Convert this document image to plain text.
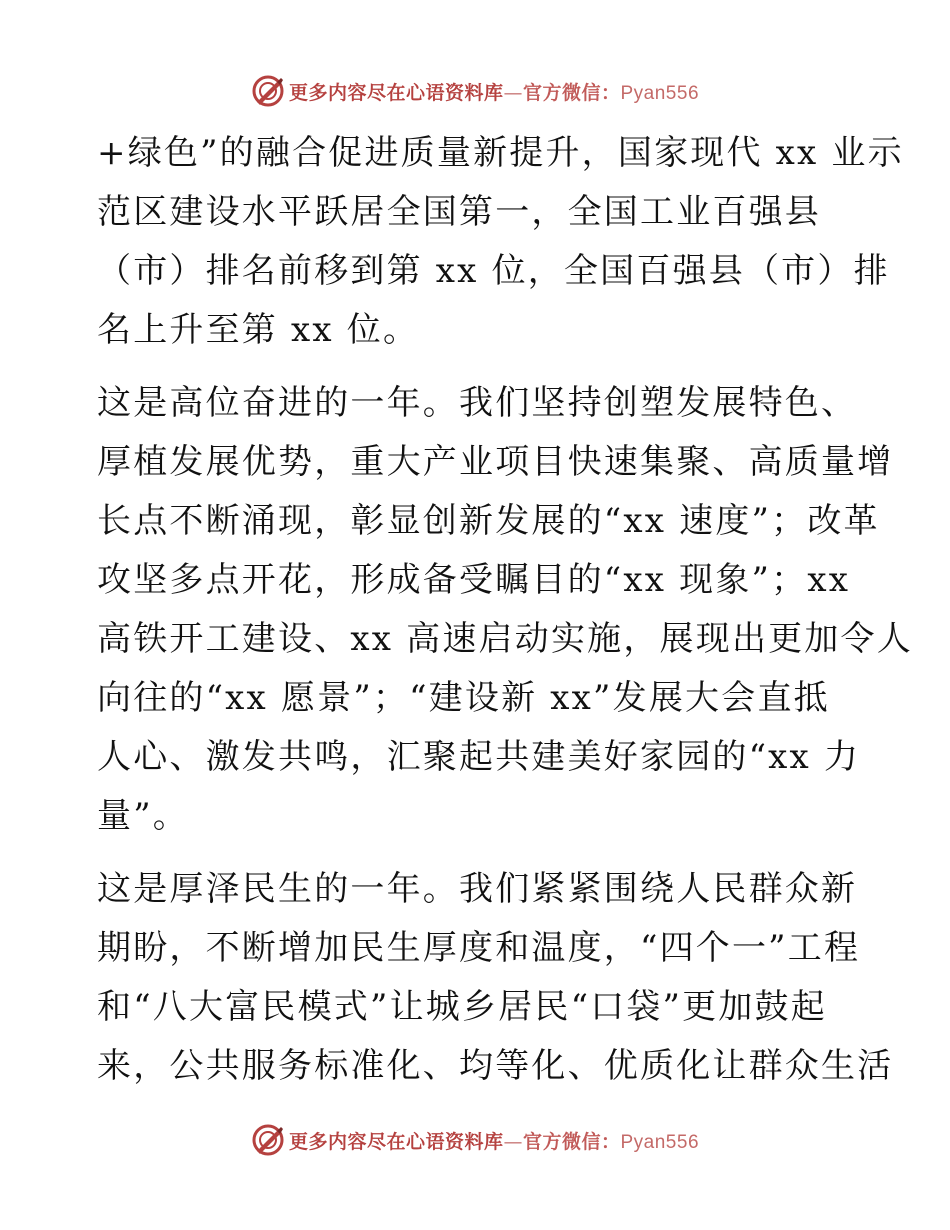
更多内容尽在心语资料库—官方微信：Pyan556
+绿色”的融合促进质量新提升，国家现代 xx 业示
范区建设水平跃居全国第一，全国工业百强县
（市）排名前移到第 xx 位，全国百强县（市）排
名上升至第 xx 位。
这是高位奋进的一年。我们坚持创塑发展特色、
厚植发展优势，重大产业项目快速集聚、高质量增
长点不断涌现，彰显创新发展的“xx 速度”；改革
攻坚多点开花，形成备受瞩目的“xx 现象”；xx
高铁开工建设、xx 高速启动实施，展现出更加令人
向往的“xx 愿景”；“建设新 xx”发展大会直抵
人心、激发共鸣，汇聚起共建美好家园的“xx 力
量”。
这是厚泽民生的一年。我们紧紧围绕人民群众新
期盼，不断增加民生厚度和温度，“四个一”工程
和“八大富民模式”让城乡居民“口袋”更加鼓起
来，公共服务标准化、均等化、优质化让群众生活
更多内容尽在心语资料库—官方微信：Pyan556
